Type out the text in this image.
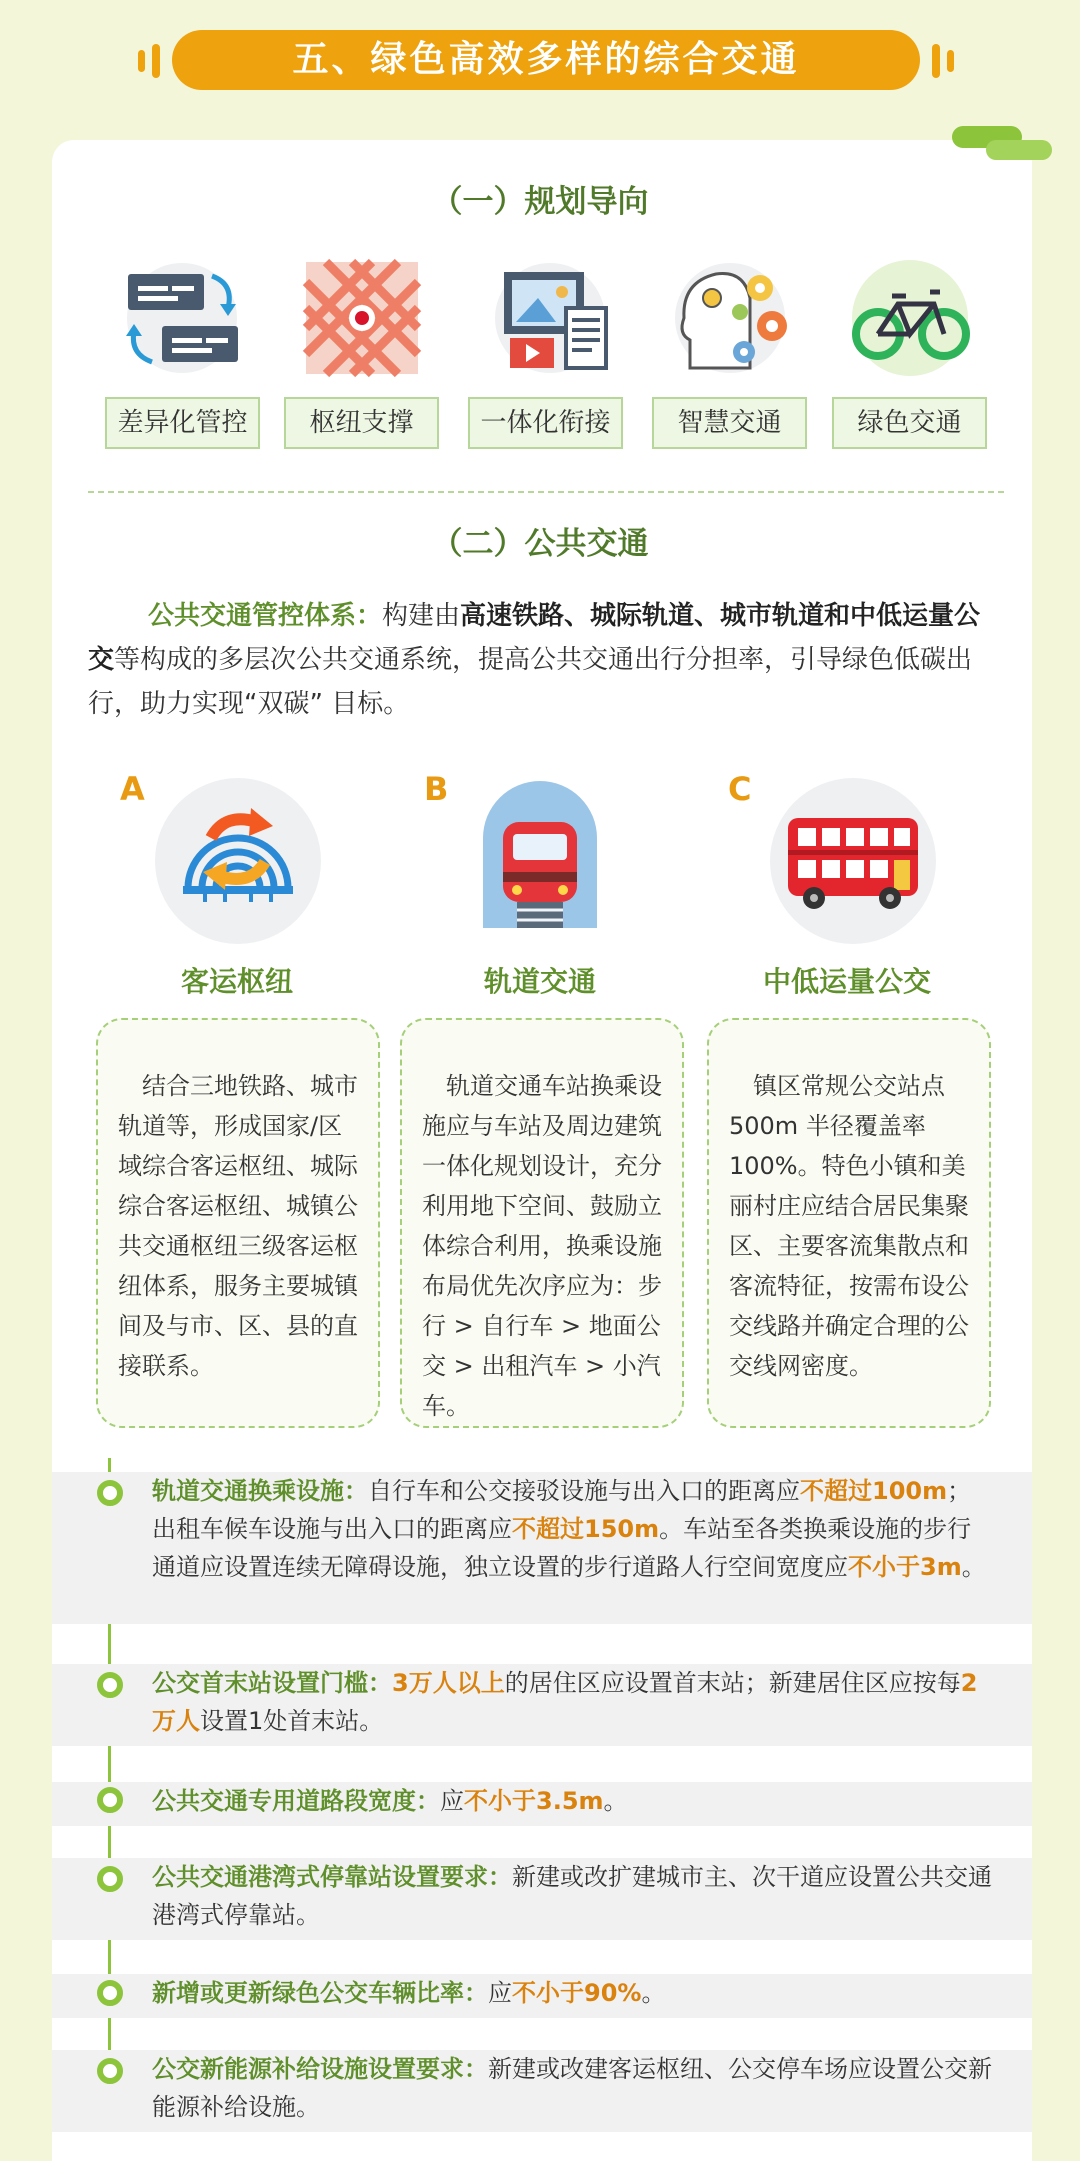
五、绿色高效多样的综合交通
（一）规划导向
差异化管控	枢纽支撑	一体化衔接	智慧交通	绿色交通
（二）公共交通
公共交通管控体系：构建由高速铁路、城际轨道、城市轨道和中低运量公交等构成的多层次公共交通系统，提高公共交通出行分担率，引导绿色低碳出行，助力实现“双碳” 目标。
A	B	C
客运枢纽	轨道交通	中低运量公交
结合三地铁路、城市轨道等，形成国家/区域综合客运枢纽、城际综合客运枢纽、城镇公共交通枢纽三级客运枢纽体系，服务主要城镇间及与市、区、县的直接联系。
轨道交通车站换乘设施应与车站及周边建筑一体化规划设计，充分利用地下空间、鼓励立体综合利用，换乘设施布局优先次序应为：步行 > 自行车 > 地面公交 > 出租汽车 > 小汽车。
镇区常规公交站点 500m 半径覆盖率 100%。特色小镇和美丽村庄应结合居民集聚区、主要客流集散点和客流特征，按需布设公交线路并确定合理的公交线网密度。
轨道交通换乘设施：自行车和公交接驳设施与出入口的距离应不超过100m；出租车候车设施与出入口的距离应不超过150m。车站至各类换乘设施的步行通道应设置连续无障碍设施，独立设置的步行道路人行空间宽度应不小于3m。
公交首末站设置门槛：3万人以上的居住区应设置首末站；新建居住区应按每2万人设置1处首末站。
公共交通专用道路段宽度：应不小于3.5m。
公共交通港湾式停靠站设置要求：新建或改扩建城市主、次干道应设置公共交通港湾式停靠站。
新增或更新绿色公交车辆比率：应不小于90%。
公交新能源补给设施设置要求：新建或改建客运枢纽、公交停车场应设置公交新能源补给设施。
